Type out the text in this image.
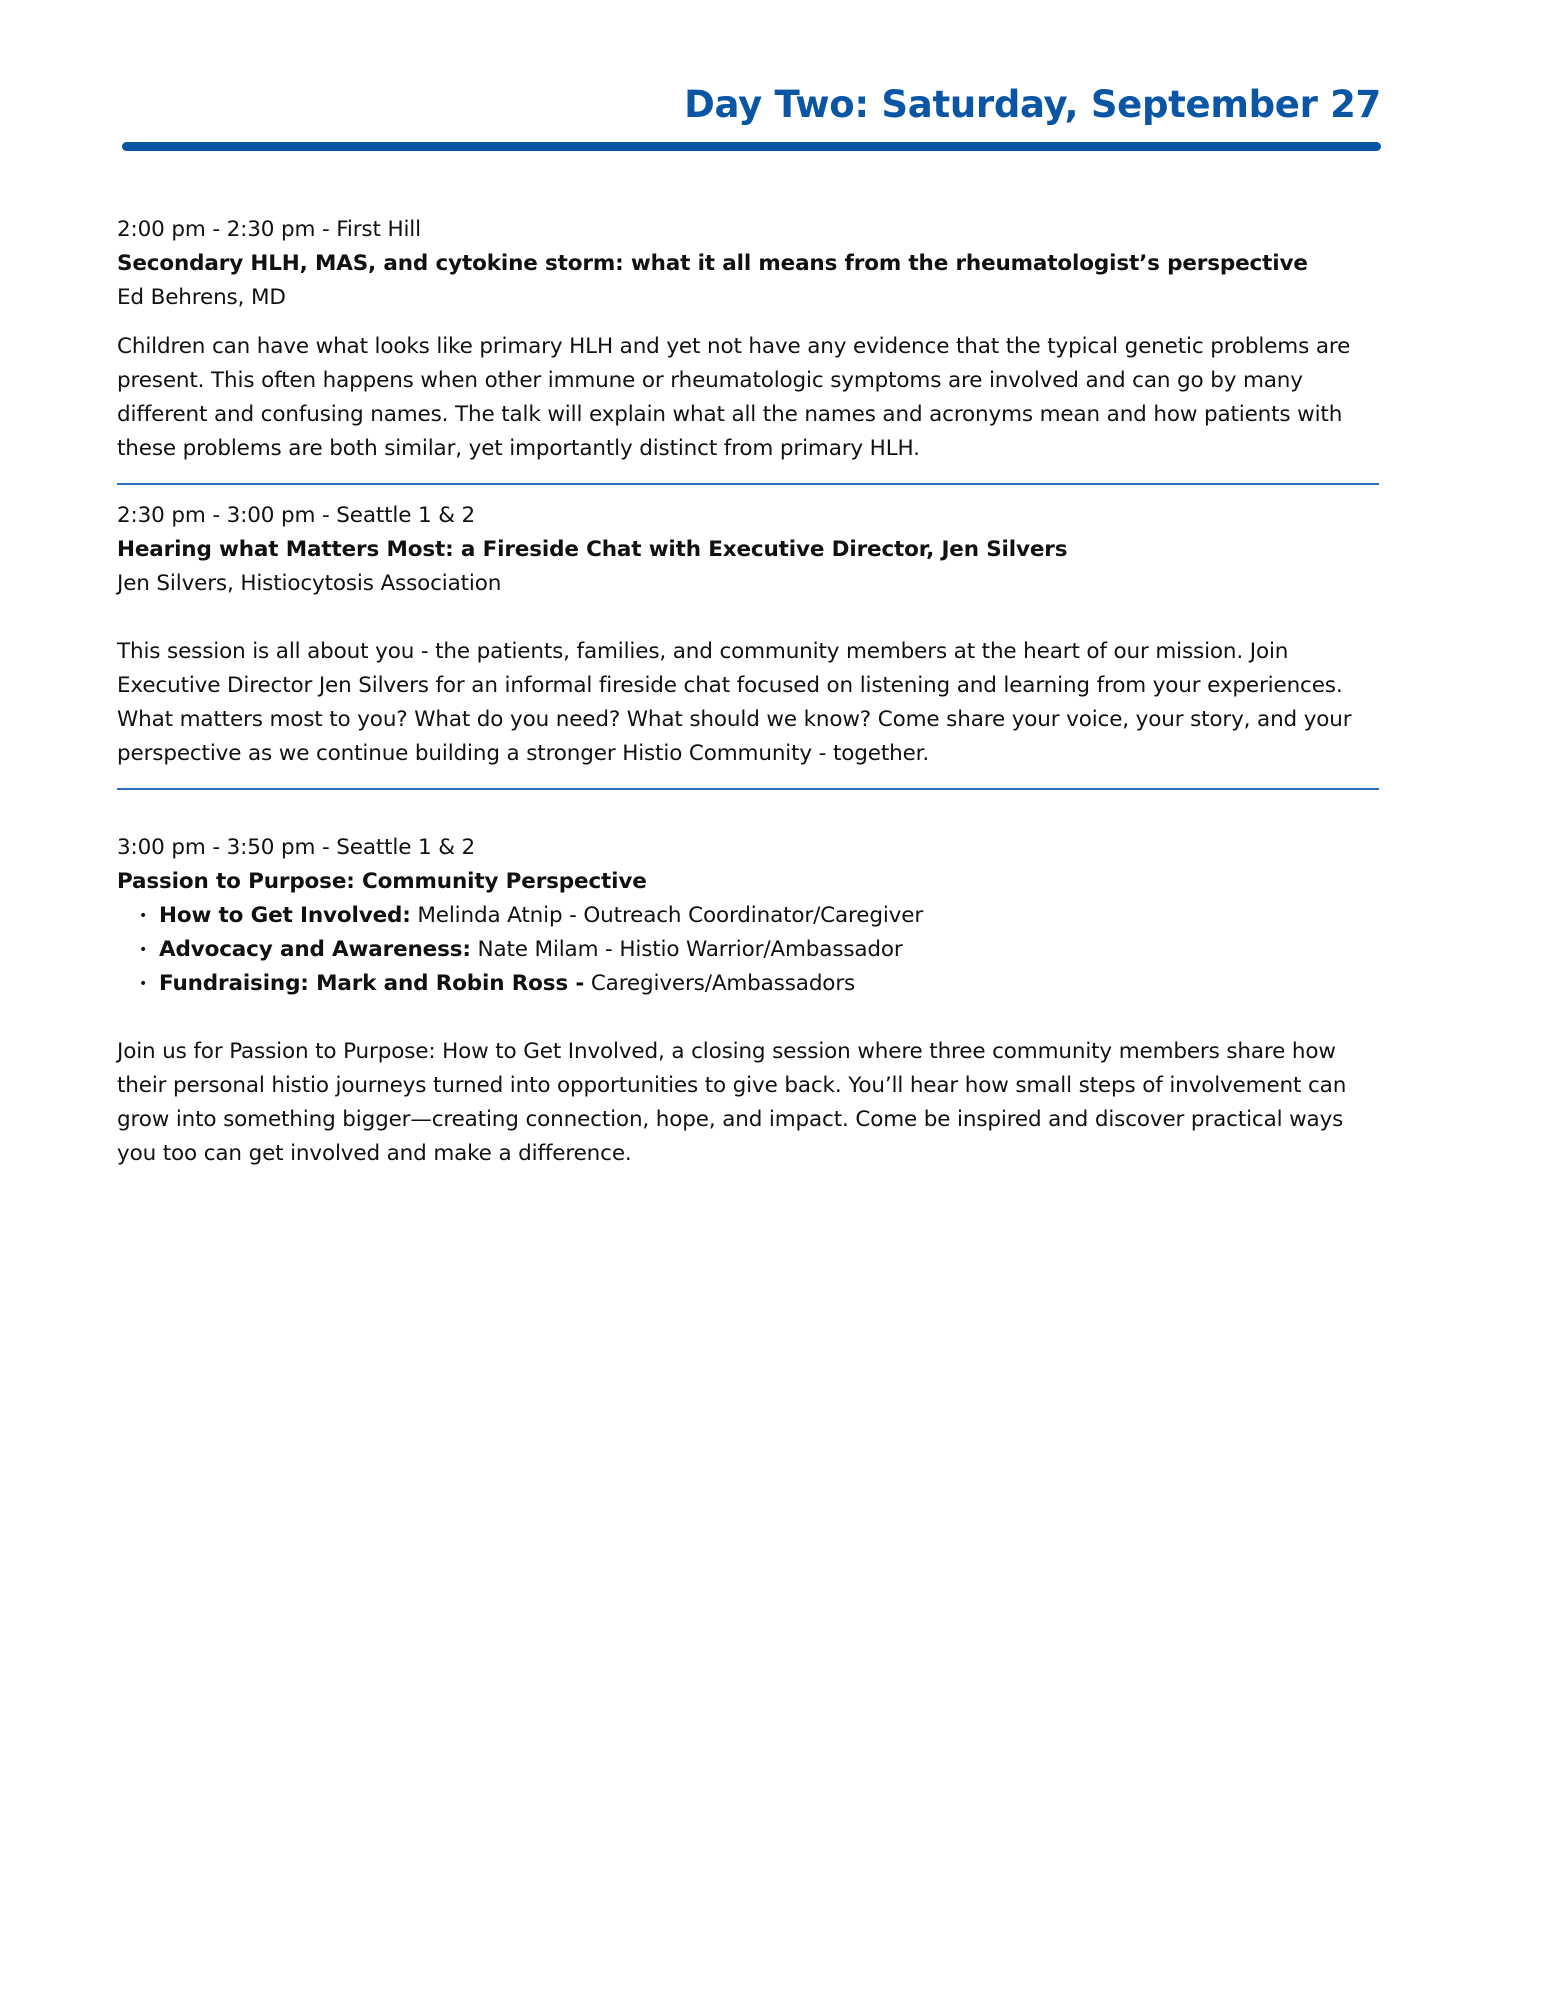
Day Two: Saturday, September 27

2:00 pm - 2:30 pm - First Hill

Secondary HLH, MAS, and cytokine storm: what it all means from the rheumatologist’s perspective

Ed Behrens, MD

Children can have what looks like primary HLH and yet not have any evidence that the typical genetic problems are present. This often happens when other immune or rheumatologic symptoms are involved and can go by many different and confusing names. The talk will explain what all the names and acronyms mean and how patients with these problems are both similar, yet importantly distinct from primary HLH.

2:30 pm - 3:00 pm - Seattle 1 & 2

Hearing what Matters Most: a Fireside Chat with Executive Director, Jen Silvers

Jen Silvers, Histiocytosis Association

This session is all about you - the patients, families, and community members at the heart of our mission. Join Executive Director Jen Silvers for an informal fireside chat focused on listening and learning from your experiences. What matters most to you? What do you need? What should we know? Come share your voice, your story, and your perspective as we continue building a stronger Histio Community - together.

3:00 pm - 3:50 pm - Seattle 1 & 2

Passion to Purpose: Community Perspective

• How to Get Involved: Melinda Atnip - Outreach Coordinator/Caregiver
• Advocacy and Awareness: Nate Milam - Histio Warrior/Ambassador
• Fundraising: Mark and Robin Ross - Caregivers/Ambassadors

Join us for Passion to Purpose: How to Get Involved, a closing session where three community members share how their personal histio journeys turned into opportunities to give back. You’ll hear how small steps of involvement can grow into something bigger—creating connection, hope, and impact. Come be inspired and discover practical ways you too can get involved and make a difference.
